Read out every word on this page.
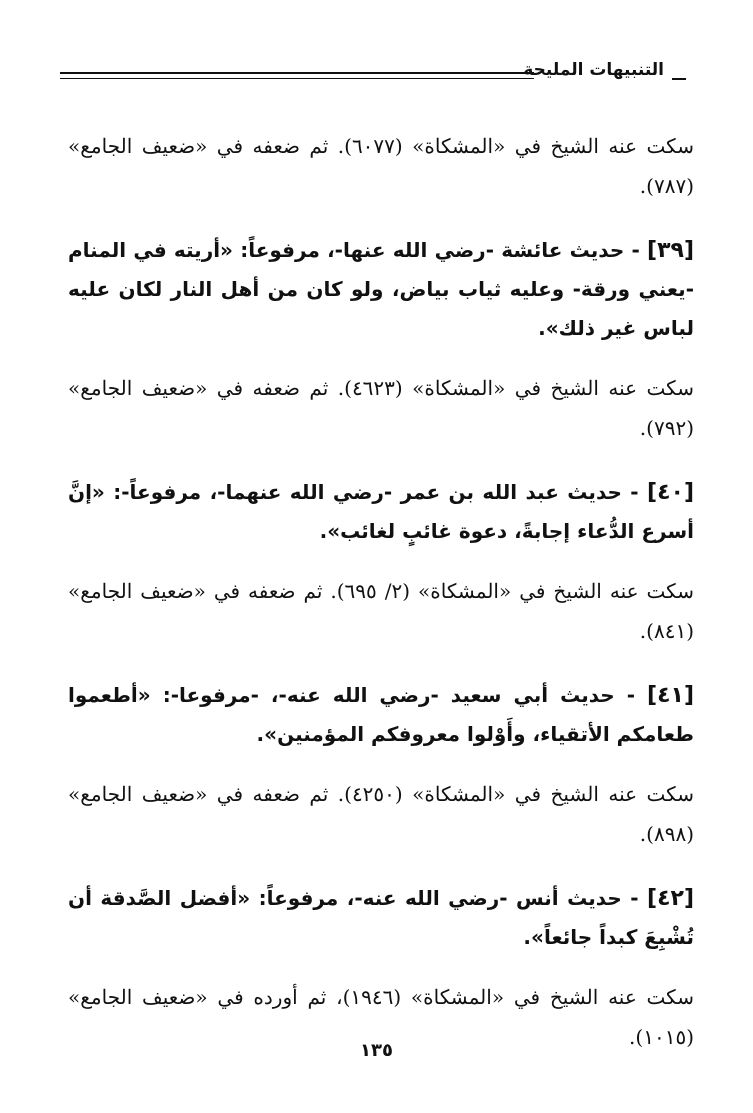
التنبيهات المليحة

سكت عنه الشيخ في «المشكاة» (٦٠٧٧). ثم ضعفه في «ضعيف الجامع» (٧٨٧).

[٣٩] - حديث عائشة -رضي الله عنها-، مرفوعاً: «أريته في المنام -يعني ورقة- وعليه ثياب بياض، ولو كان من أهل النار لكان عليه لباس غير ذلك».

سكت عنه الشيخ في «المشكاة» (٤٦٢٣). ثم ضعفه في «ضعيف الجامع» (٧٩٢).

[٤٠] - حديث عبد الله بن عمر -رضي الله عنهما-، مرفوعاً-: «إنَّ أسرع الدُّعاء إجابةً، دعوة غائبٍ لغائب».

سكت عنه الشيخ في «المشكاة» (٢/ ٦٩٥). ثم ضعفه في «ضعيف الجامع» (٨٤١).

[٤١] - حديث أبي سعيد -رضي الله عنه-، -مرفوعا-: «أطعموا طعامكم الأتقياء، وأَوْلوا معروفكم المؤمنين».

سكت عنه الشيخ في «المشكاة» (٤٢٥٠). ثم ضعفه في «ضعيف الجامع» (٨٩٨).

[٤٢] - حديث أنس -رضي الله عنه-، مرفوعاً: «أفضل الصَّدقة أن تُشْبِعَ كبداً جائعاً».

سكت عنه الشيخ في «المشكاة» (١٩٤٦)، ثم أورده في «ضعيف الجامع» (١٠١٥).

١٣٥
